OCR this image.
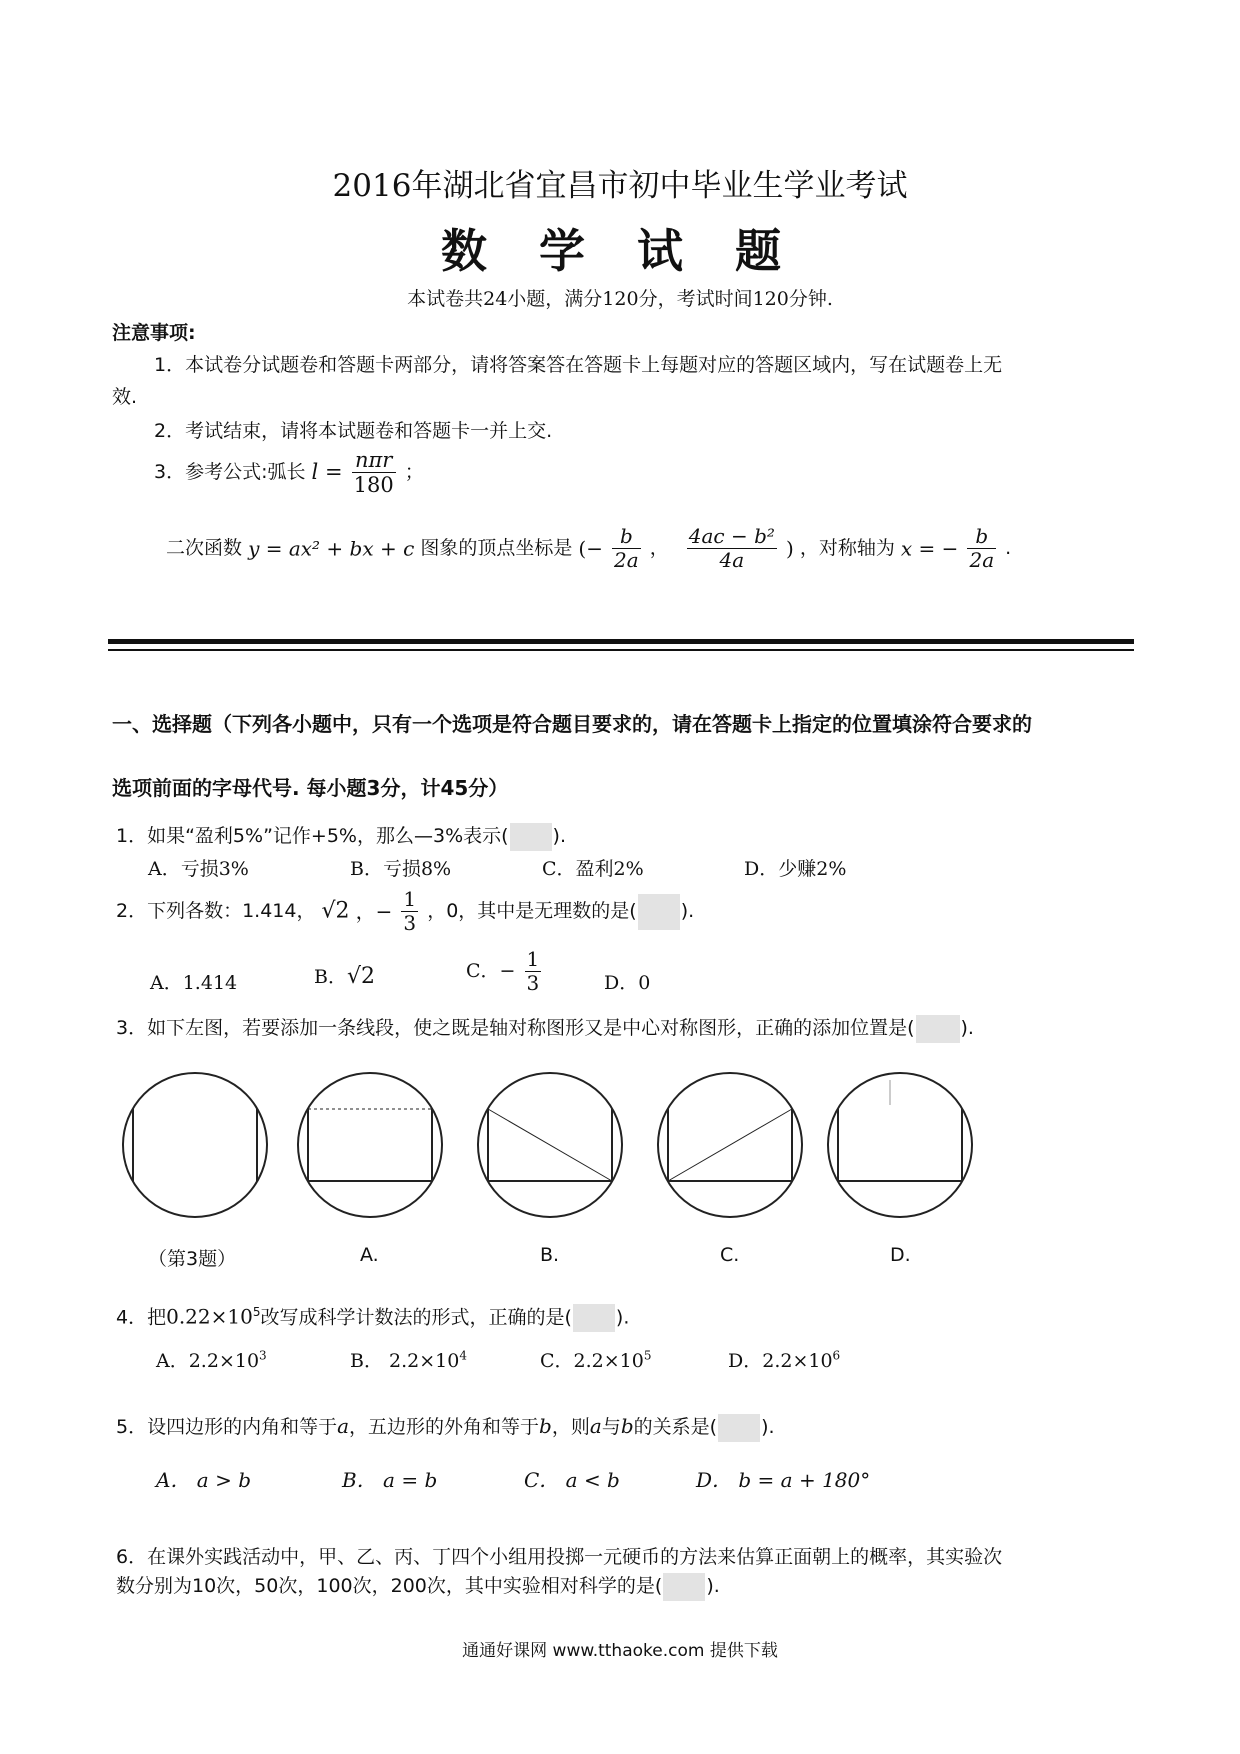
2016年湖北省宜昌市初中毕业生学业考试
数 学 试 题
本试卷共24小题，满分120分，考试时间120分钟.
注意事项:
1．本试卷分试题卷和答题卡两部分，请将答案答在答题卡上每题对应的答题区域内，写在试题卷上无
效.
2．考试结束，请将本试题卷和答题卡一并上交.
3．参考公式:弧长 $l = \frac{\text{nπr}}{180}$ ；
二次函数 y = ax² + bx + c 图象的顶点坐标是 (− $\frac{b}{2a}$ ， $\frac{\text{4ac − b²}}{4a}$ ) ，对称轴为 x = − $\frac{b}{2a}$ .
一、选择题（下列各小题中，只有一个选项是符合题目要求的，请在答题卡上指定的位置填涂符合要求的
选项前面的字母代号. 每小题3分，计45分）
1．如果“盈利5%”记作+5%，那么—3%表示( ).
A．亏损3%	B．亏损8%	C．盈利2%	D．少赚2%
2．下列各数：1.414， √2 ，− $\frac{1}{3}$ ，0，其中是无理数的是( ).
A．1.414	B．√2	C．− $\frac{1}{3}$	D．0
3．如下左图，若要添加一条线段，使之既是轴对称图形又是中心对称图形，正确的添加位置是( ).
（第3题）	A.	B.	C.	D.
4．把$0.22\times 10^5$改写成科学计数法的形式，正确的是( ).
A．$2.2\times 10^3$	B． $2.2\times 10^4$	C．$2.2\times 10^5$	D．$2.2\times 10^6$
5．设四边形的内角和等于a，五边形的外角和等于b，则a与b的关系是( ).
A． a > b	B． a = b	C． a < b	D． b = a + 180°
6．在课外实践活动中，甲、乙、丙、丁四个小组用投掷一元硬币的方法来估算正面朝上的概率，其实验次
数分别为10次，50次，100次，200次，其中实验相对科学的是( ).
通通好课网 www.tthaoke.com 提供下载
